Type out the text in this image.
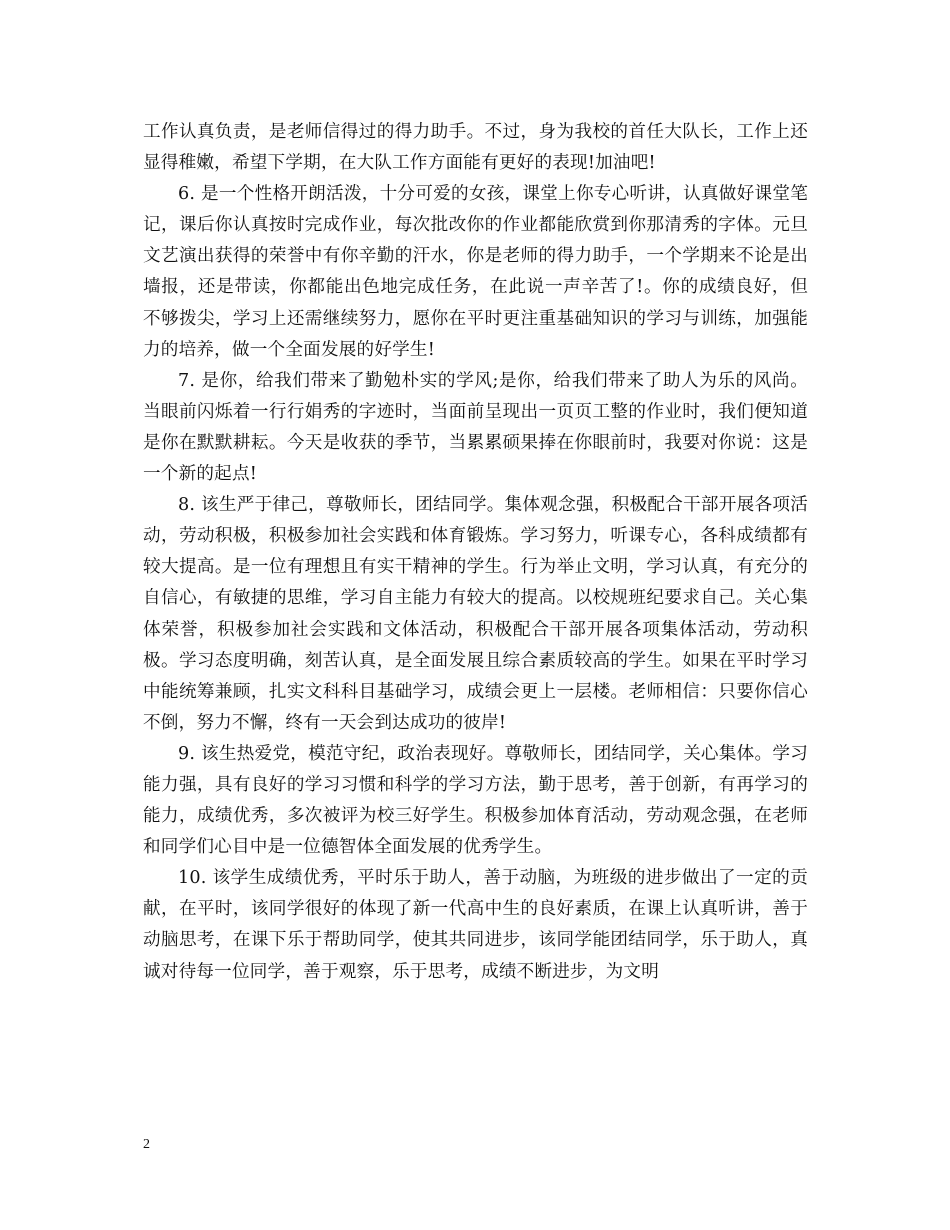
工作认真负责，是老师信得过的得力助手。不过，身为我校的首任大队长，工作上还显得稚嫩，希望下学期，在大队工作方面能有更好的表现!加油吧!

6. 是一个性格开朗活泼，十分可爱的女孩，课堂上你专心听讲，认真做好课堂笔记，课后你认真按时完成作业，每次批改你的作业都能欣赏到你那清秀的字体。元旦文艺演出获得的荣誉中有你辛勤的汗水，你是老师的得力助手，一个学期来不论是出墙报，还是带读，你都能出色地完成任务，在此说一声辛苦了!。你的成绩良好，但不够拨尖，学习上还需继续努力，愿你在平时更注重基础知识的学习与训练，加强能力的培养，做一个全面发展的好学生!

7. 是你，给我们带来了勤勉朴实的学风;是你，给我们带来了助人为乐的风尚。当眼前闪烁着一行行娟秀的字迹时，当面前呈现出一页页工整的作业时，我们便知道是你在默默耕耘。今天是收获的季节，当累累硕果捧在你眼前时，我要对你说：这是一个新的起点!

8. 该生严于律己，尊敬师长，团结同学。集体观念强，积极配合干部开展各项活动，劳动积极，积极参加社会实践和体育锻炼。学习努力，听课专心，各科成绩都有较大提高。是一位有理想且有实干精神的学生。行为举止文明，学习认真，有充分的自信心，有敏捷的思维，学习自主能力有较大的提高。以校规班纪要求自己。关心集体荣誉，积极参加社会实践和文体活动，积极配合干部开展各项集体活动，劳动积极。学习态度明确，刻苦认真，是全面发展且综合素质较高的学生。如果在平时学习中能统筹兼顾，扎实文科科目基础学习，成绩会更上一层楼。老师相信：只要你信心不倒，努力不懈，终有一天会到达成功的彼岸!

9. 该生热爱党，模范守纪，政治表现好。尊敬师长，团结同学，关心集体。学习能力强，具有良好的学习习惯和科学的学习方法，勤于思考，善于创新，有再学习的能力，成绩优秀，多次被评为校三好学生。积极参加体育活动，劳动观念强，在老师和同学们心目中是一位德智体全面发展的优秀学生。

10. 该学生成绩优秀，平时乐于助人，善于动脑，为班级的进步做出了一定的贡献，在平时，该同学很好的体现了新一代高中生的良好素质，在课上认真听讲，善于动脑思考，在课下乐于帮助同学，使其共同进步，该同学能团结同学，乐于助人，真诚对待每一位同学，善于观察，乐于思考，成绩不断进步，为文明

2
